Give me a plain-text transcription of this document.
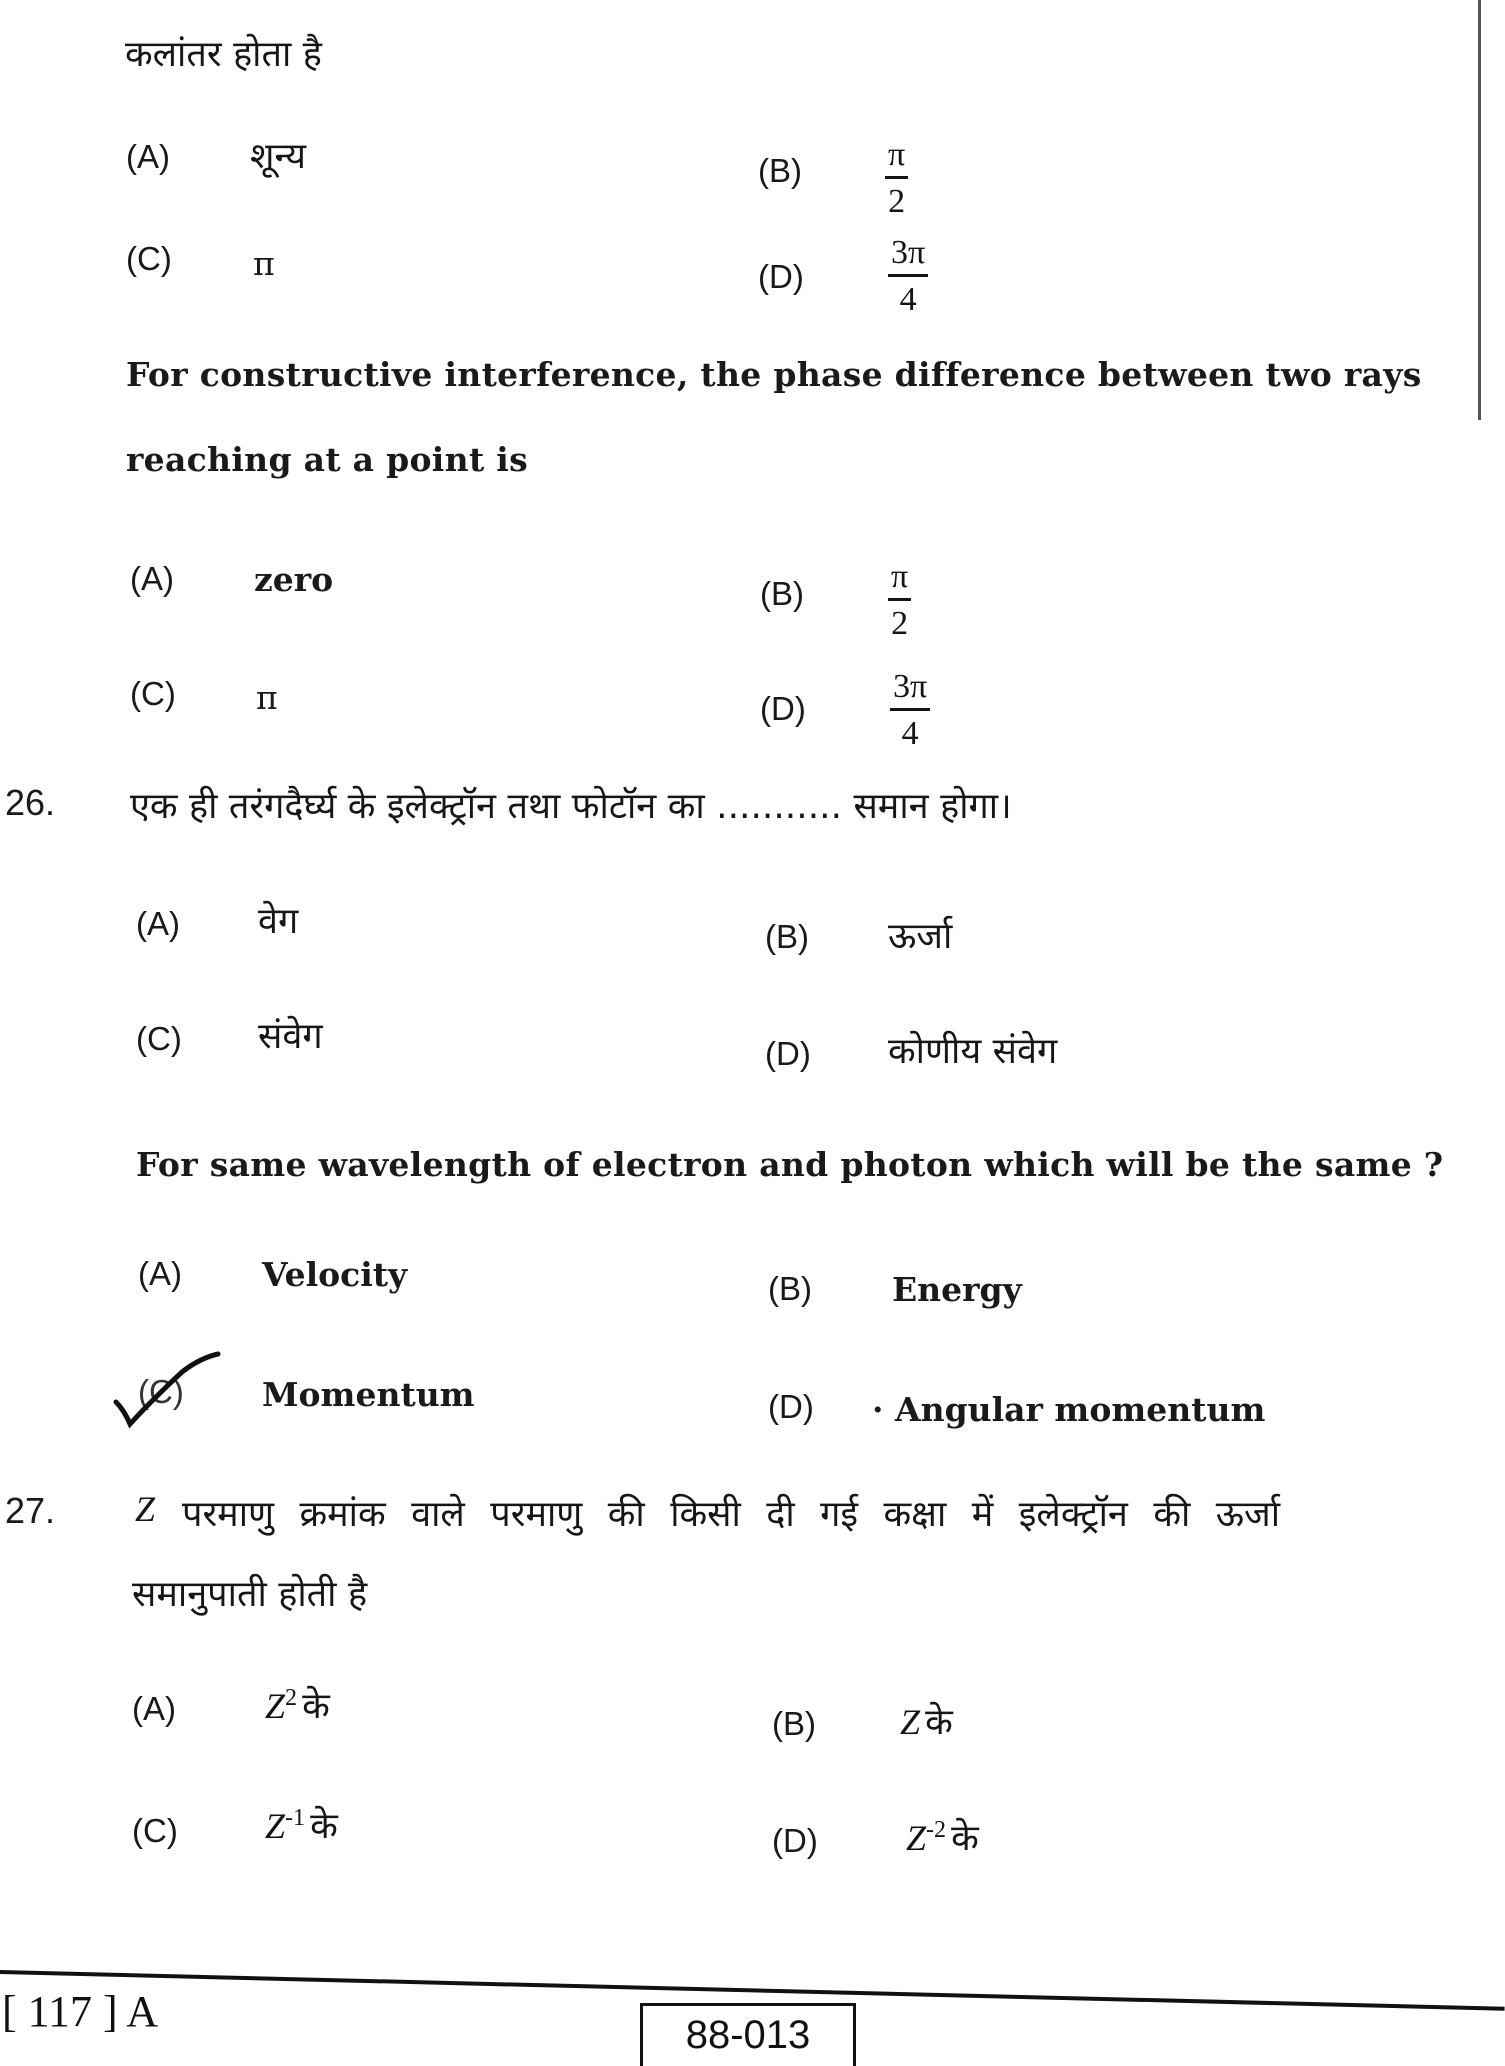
कलांतर होता है
(A) शून्य	$(B) \frac{\pi}{2}$
(C) π	$(D) \frac{3\pi}{4}$
For constructive interference, the phase difference between two rays
reaching at a point is
(A) zero	$(B) \frac{\pi}{2}$
(C) π	$(D) \frac{3\pi}{4}$
26. एक ही तरंगदैर्घ्य के इलेक्ट्रॉन तथा फोटॉन का ........... समान होगा।
(A) वेग	(B) ऊर्जा
(C) संवेग	(D) कोणीय संवेग
For same wavelength of electron and photon which will be the same ?
(A) Velocity	(B) Energy
(C) Momentum	(D) · Angular momentum
27. Z परमाणु क्रमांक वाले परमाणु की किसी दी गई कक्षा में इलेक्ट्रॉन की ऊर्जा
समानुपाती होती है
(A) $Z^2$ के	(B) Z के
(C) $Z^{-1}$ के	(D) $Z^{-2}$ के
[ 117 ] A	88-013
